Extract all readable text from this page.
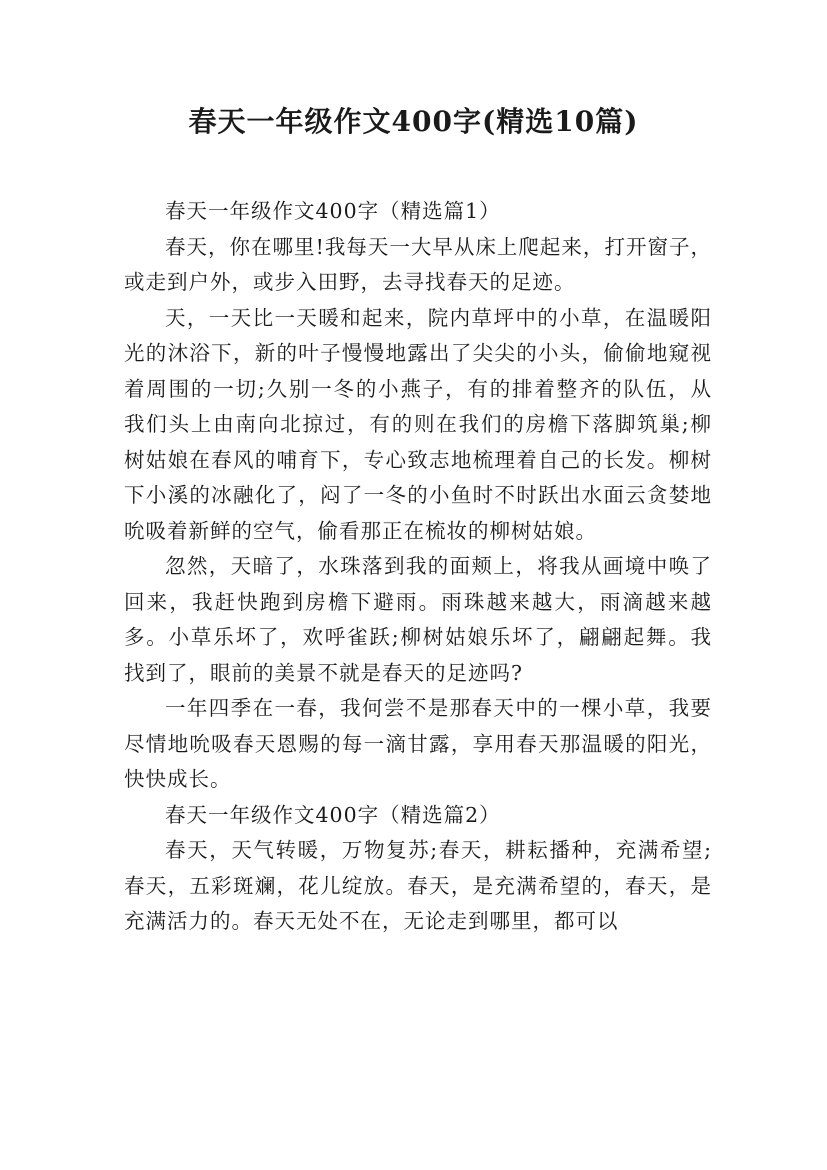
春天一年级作文400字(精选10篇)

春天一年级作文400字（精选篇1）

春天，你在哪里!我每天一大早从床上爬起来，打开窗子，或走到户外，或步入田野，去寻找春天的足迹。

天，一天比一天暖和起来，院内草坪中的小草，在温暖阳光的沐浴下，新的叶子慢慢地露出了尖尖的小头，偷偷地窥视着周围的一切;久别一冬的小燕子，有的排着整齐的队伍，从我们头上由南向北掠过，有的则在我们的房檐下落脚筑巢;柳树姑娘在春风的哺育下，专心致志地梳理着自己的长发。柳树下小溪的冰融化了，闷了一冬的小鱼时不时跃出水面云贪婪地吮吸着新鲜的空气，偷看那正在梳妆的柳树姑娘。

忽然，天暗了，水珠落到我的面颊上，将我从画境中唤了回来，我赶快跑到房檐下避雨。雨珠越来越大，雨滴越来越多。小草乐坏了，欢呼雀跃;柳树姑娘乐坏了，翩翩起舞。我找到了，眼前的美景不就是春天的足迹吗?

一年四季在一春，我何尝不是那春天中的一棵小草，我要尽情地吮吸春天恩赐的每一滴甘露，享用春天那温暖的阳光，快快成长。

春天一年级作文400字（精选篇2）

春天，天气转暖，万物复苏;春天，耕耘播种，充满希望;春天，五彩斑斓，花儿绽放。春天，是充满希望的，春天，是充满活力的。春天无处不在，无论走到哪里，都可以
